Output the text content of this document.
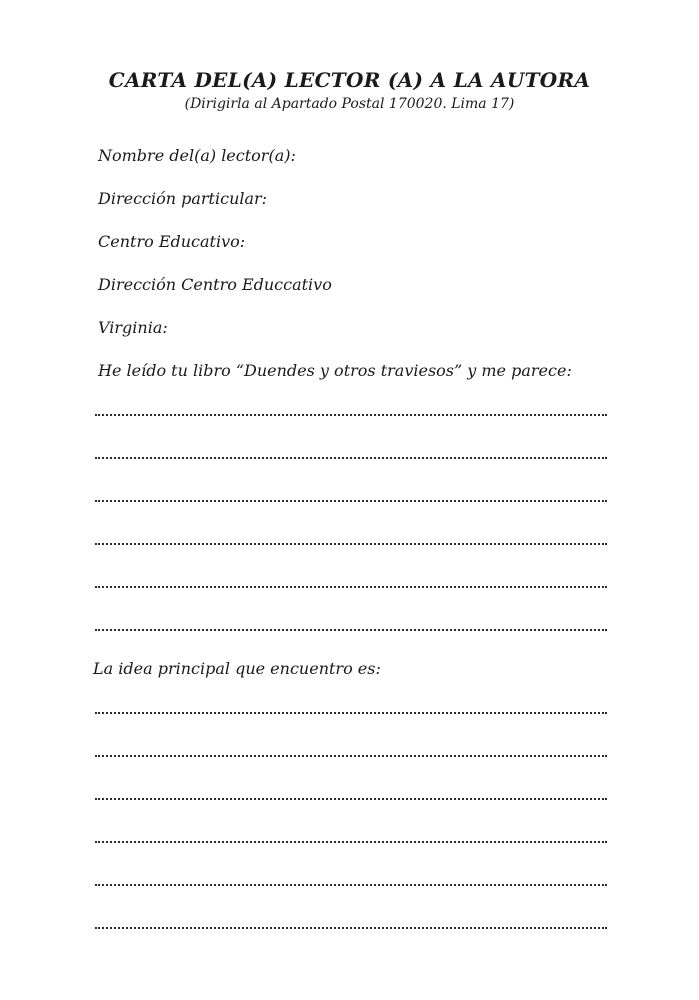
CARTA DEL(A) LECTOR (A) A LA AUTORA

(Dirigirla al Apartado Postal 170020. Lima 17)

Nombre del(a) lector(a):

Dirección particular:

Centro Educativo:

Dirección Centro Educcativo

Virginia:

He leído tu libro “Duendes y otros traviesos” y me parece:

La idea principal que encuentro es:
